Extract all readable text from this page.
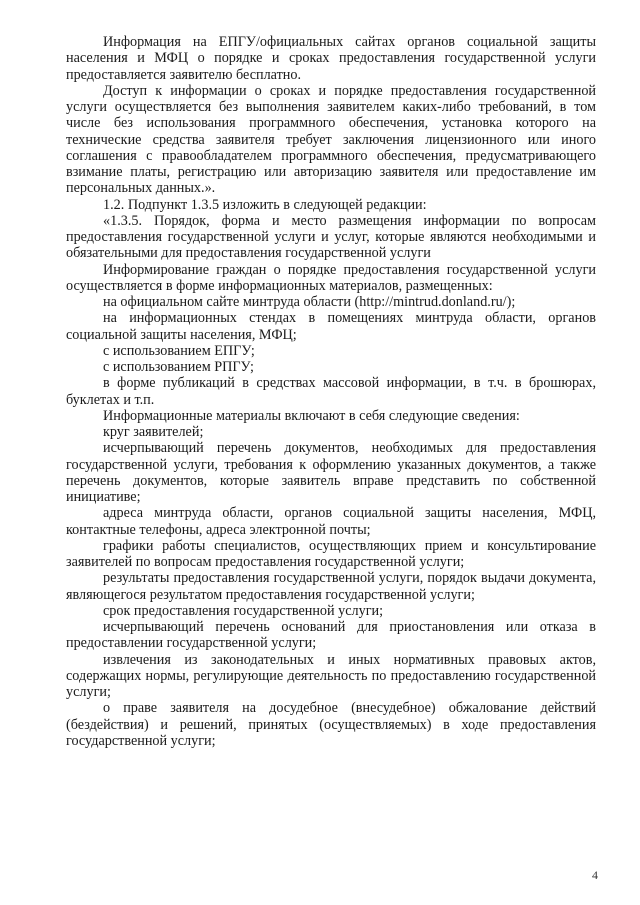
Информация на ЕПГУ/официальных сайтах органов социальной защиты населения и МФЦ о порядке и сроках предоставления государственной услуги предоставляется заявителю бесплатно.

Доступ к информации о сроках и порядке предоставления государственной услуги осуществляется без выполнения заявителем каких-либо требований, в том числе без использования программного обеспечения, установка которого на технические средства заявителя требует заключения лицензионного или иного соглашения с правообладателем программного обеспечения, предусматривающего взимание платы, регистрацию или авторизацию заявителя или предоставление им персональных данных.».

1.2. Подпункт 1.3.5 изложить в следующей редакции:

«1.3.5. Порядок, форма и место размещения информации по вопросам предоставления государственной услуги и услуг, которые являются необходимыми и обязательными для предоставления государственной услуги

Информирование граждан о порядке предоставления государственной услуги осуществляется в форме информационных материалов, размещенных:

на официальном сайте минтруда области (http://mintrud.donland.ru/);

на информационных стендах в помещениях минтруда области, органов социальной защиты населения, МФЦ;

с использованием ЕПГУ;

с использованием РПГУ;

в форме публикаций в средствах массовой информации, в т.ч. в брошюрах, буклетах и т.п.

Информационные материалы включают в себя следующие сведения:

круг заявителей;

исчерпывающий перечень документов, необходимых для предоставления государственной услуги, требования к оформлению указанных документов, а также перечень документов, которые заявитель вправе представить по собственной инициативе;

адреса минтруда области, органов социальной защиты населения, МФЦ, контактные телефоны, адреса электронной почты;

графики работы специалистов, осуществляющих прием и консультирование заявителей по вопросам предоставления государственной услуги;

результаты предоставления государственной услуги, порядок выдачи документа, являющегося результатом предоставления государственной услуги;

срок предоставления государственной услуги;

исчерпывающий перечень оснований для приостановления или отказа в предоставлении государственной услуги;

извлечения из законодательных и иных нормативных правовых актов, содержащих нормы, регулирующие деятельность по предоставлению государственной услуги;

о праве заявителя на досудебное (внесудебное) обжалование действий (бездействия) и решений, принятых (осуществляемых) в ходе предоставления государственной услуги;

4
